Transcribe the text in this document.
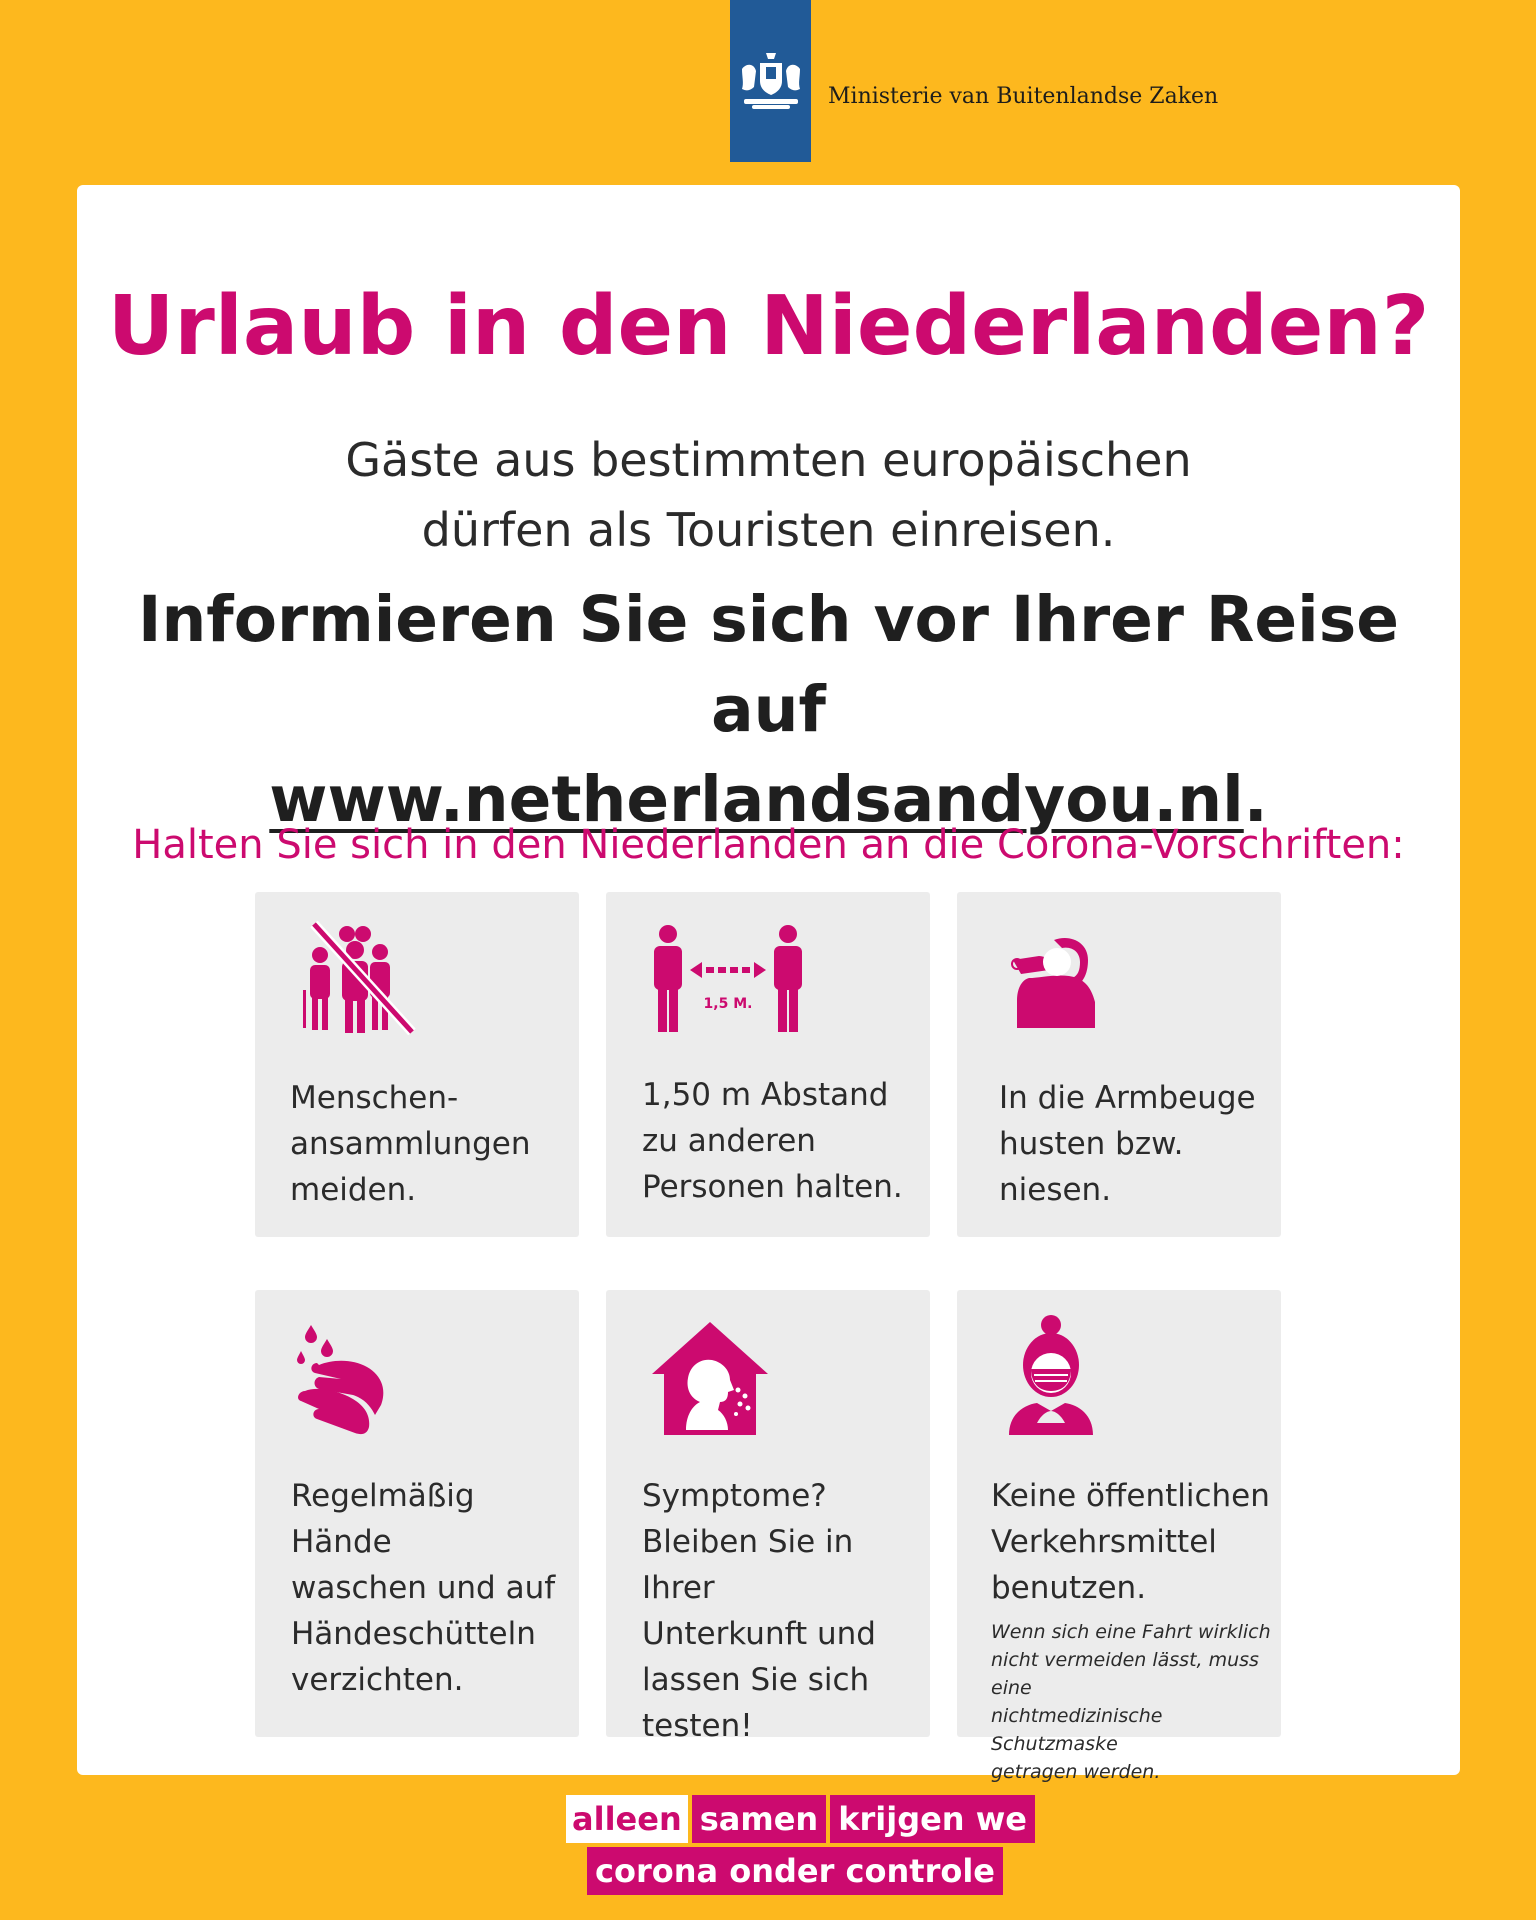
Ministerie van Buitenlandse Zaken
Urlaub in den Niederlanden?
Gäste aus bestimmten europäischen
dürfen als Touristen einreisen.
Informieren Sie sich vor Ihrer Reise auf
www.netherlandsandyou.nl.
Halten Sie sich in den Niederlanden an die Corona-Vorschriften:
Menschen-
ansammlungen
meiden.
1,5 M.
1,50 m Abstand
zu anderen
Personen halten.
In die Armbeuge
husten bzw.
niesen.
Regelmäßig Hände
waschen und auf
Händeschütteln
verzichten.
Symptome?
Bleiben Sie in Ihrer
Unterkunft und
lassen Sie sich
testen!
Keine öffentlichen
Verkehrsmittel
benutzen.
Wenn sich eine Fahrt wirklich
nicht vermeiden lässt, muss eine
nichtmedizinische Schutzmaske
getragen werden.
alleen samen krijgen we
corona onder controle
